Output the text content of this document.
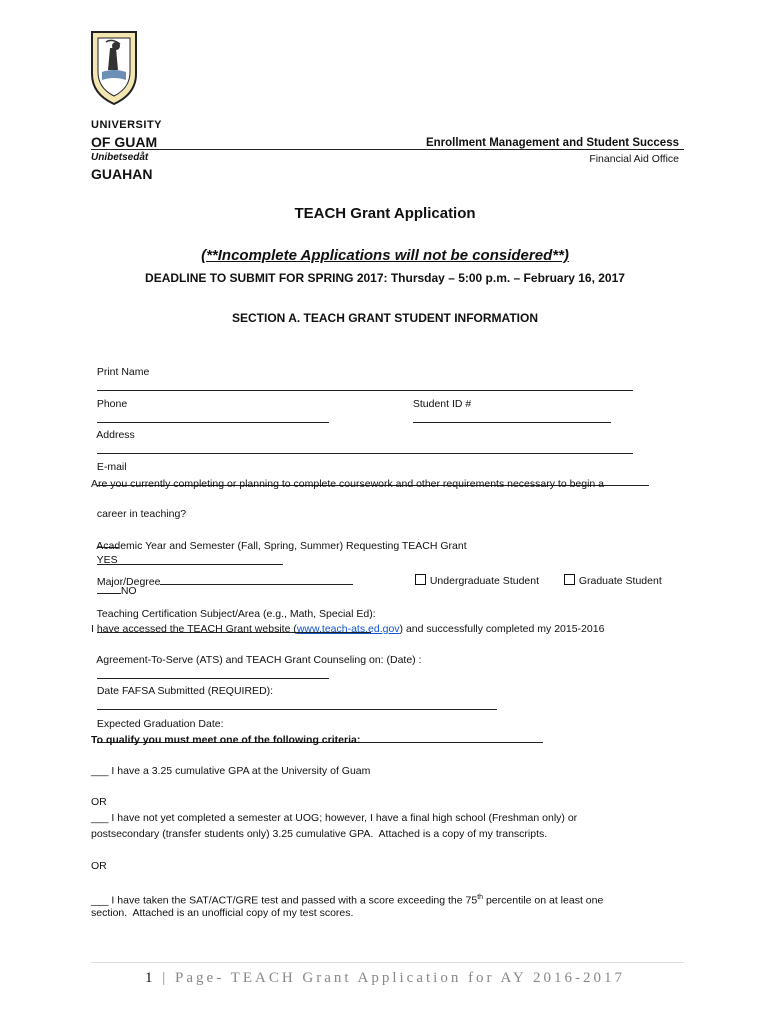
UNIVERSITY
OF GUAM
Unibetsedåt
GUAHAN
Enrollment Management and Student Success
Financial Aid Office
TEACH Grant Application
(**Incomplete Applications will not be considered**)
DEADLINE TO SUBMIT FOR SPRING 2017: Thursday – 5:00 p.m. – February 16, 2017
SECTION A. TEACH GRANT STUDENT INFORMATION

Print Name

Phone
	Student ID #

Address

E-mail

Are you currently completing or planning to complete coursework and other requirements necessary to begin a

career in teaching?

YES

NO

Academic Year and Semester (Fall, Spring, Summer) Requesting TEACH Grant

Major/Degree	Undergraduate Student	Graduate Student

Teaching Certification Subject/Area (e.g., Math, Special Ed):

I have accessed the TEACH Grant website (www.teach-ats.ed.gov) and successfully completed my 2015-2016

Agreement-To-Serve (ATS) and TEACH Grant Counseling on: (Date) :

Date FAFSA Submitted (REQUIRED):

Expected Graduation Date:

To qualify you must meet one of the following criteria:
___ I have a 3.25 cumulative GPA at the University of Guam
OR
___ I have not yet completed a semester at UOG; however, I have a final high school (Freshman only) or
postsecondary (transfer students only) 3.25 cumulative GPA.  Attached is a copy of my transcripts.
OR
___ I have taken the SAT/ACT/GRE test and passed with a score exceeding the 75th percentile on at least one
section.  Attached is an unofficial copy of my test scores.
1 | Page- TEACH Grant Application for AY 2016-2017
